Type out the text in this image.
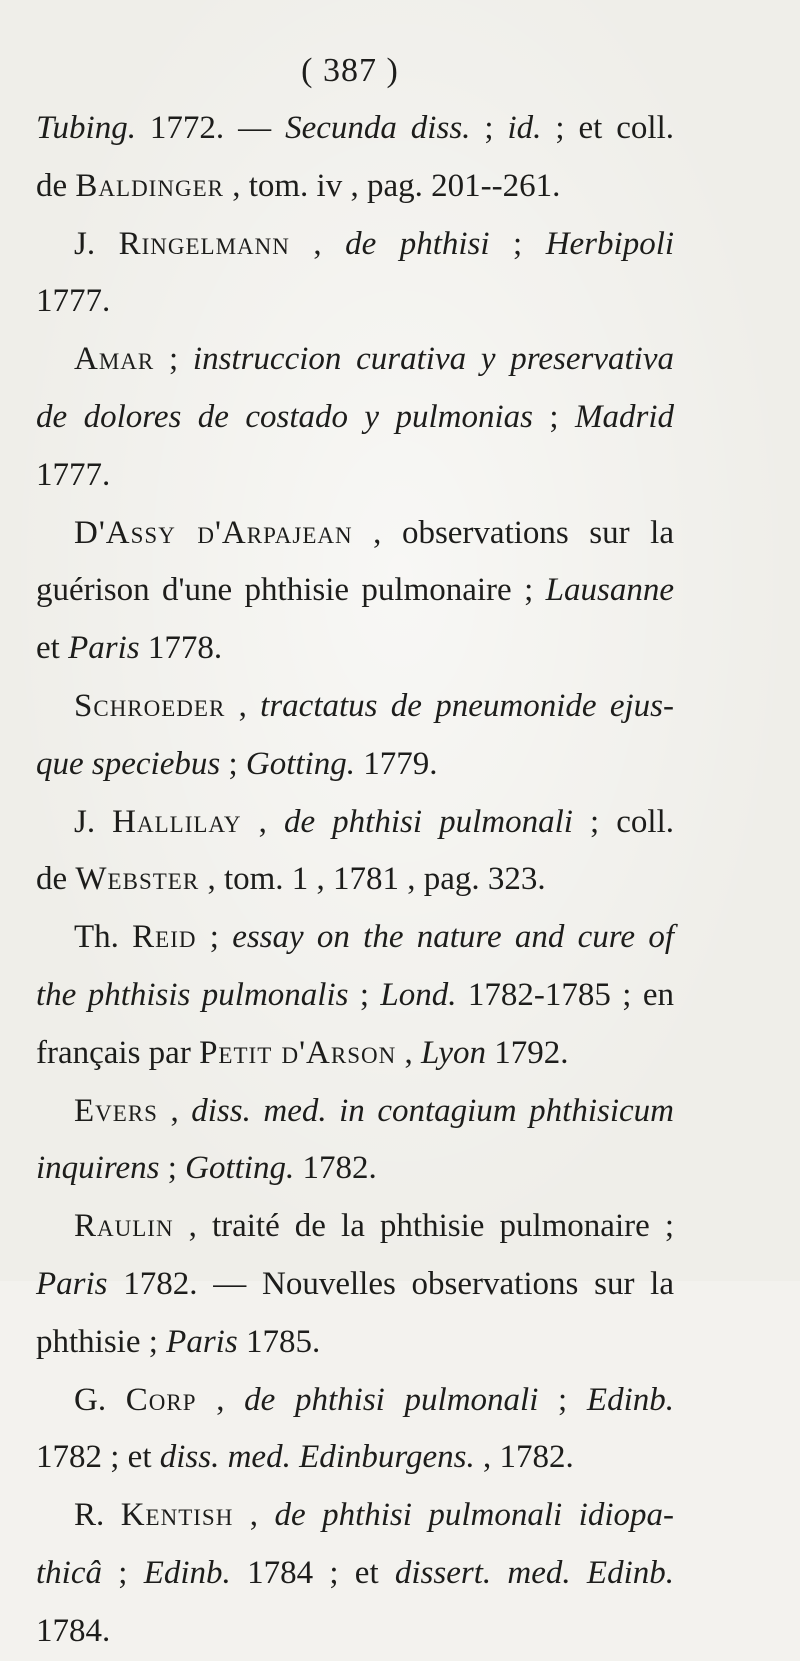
( 387 )
Tubing. 1772. — Secunda diss. ; id. ; et coll.
de Baldinger , tom. iv , pag. 201--261.
J. Ringelmann , de phthisi ; Herbipoli
1777.
Amar ; instruccion curativa y preservativa
de dolores de costado y pulmonias ; Madrid
1777.
D'Assy d'Arpajean , observations sur la
guérison d'une phthisie pulmonaire ; Lausanne
et Paris 1778.
Schroeder , tractatus de pneumonide ejus-
que speciebus ; Gotting. 1779.
J. Hallilay , de phthisi pulmonali ; coll.
de Webster , tom. 1 , 1781 , pag. 323.
Th. Reid ; essay on the nature and cure of
the phthisis pulmonalis ; Lond. 1782-1785 ; en
français par Petit d'Arson , Lyon 1792.
Evers , diss. med. in contagium phthisicum
inquirens ; Gotting. 1782.
Raulin , traité de la phthisie pulmonaire ;
Paris 1782. — Nouvelles observations sur la
phthisie ; Paris 1785.
G. Corp , de phthisi pulmonali ; Edinb.
1782 ; et diss. med. Edinburgens. , 1782.
R. Kentish , de phthisi pulmonali idiopa-
thicâ ; Edinb. 1784 ; et dissert. med. Edinb.
1784.
